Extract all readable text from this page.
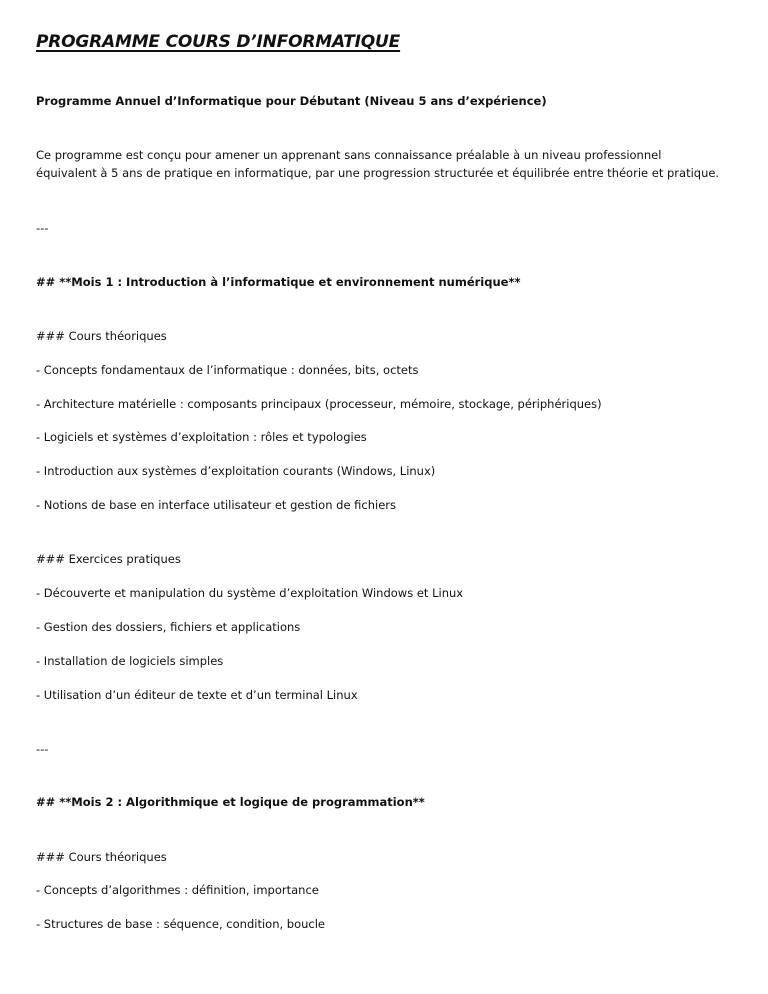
PROGRAMME COURS D’INFORMATIQUE
Programme Annuel d’Informatique pour Débutant (Niveau 5 ans d’expérience)
Ce programme est conçu pour amener un apprenant sans connaissance préalable à un niveau professionnel
équivalent à 5 ans de pratique en informatique, par une progression structurée et équilibrée entre théorie et pratique.
---
## **Mois 1 : Introduction à l’informatique et environnement numérique**
### Cours théoriques
- Concepts fondamentaux de l’informatique : données, bits, octets
- Architecture matérielle : composants principaux (processeur, mémoire, stockage, périphériques)
- Logiciels et systèmes d’exploitation : rôles et typologies
- Introduction aux systèmes d’exploitation courants (Windows, Linux)
- Notions de base en interface utilisateur et gestion de fichiers
### Exercices pratiques
- Découverte et manipulation du système d’exploitation Windows et Linux
- Gestion des dossiers, fichiers et applications
- Installation de logiciels simples
- Utilisation d’un éditeur de texte et d’un terminal Linux
---
## **Mois 2 : Algorithmique et logique de programmation**
### Cours théoriques
- Concepts d’algorithmes : définition, importance
- Structures de base : séquence, condition, boucle
